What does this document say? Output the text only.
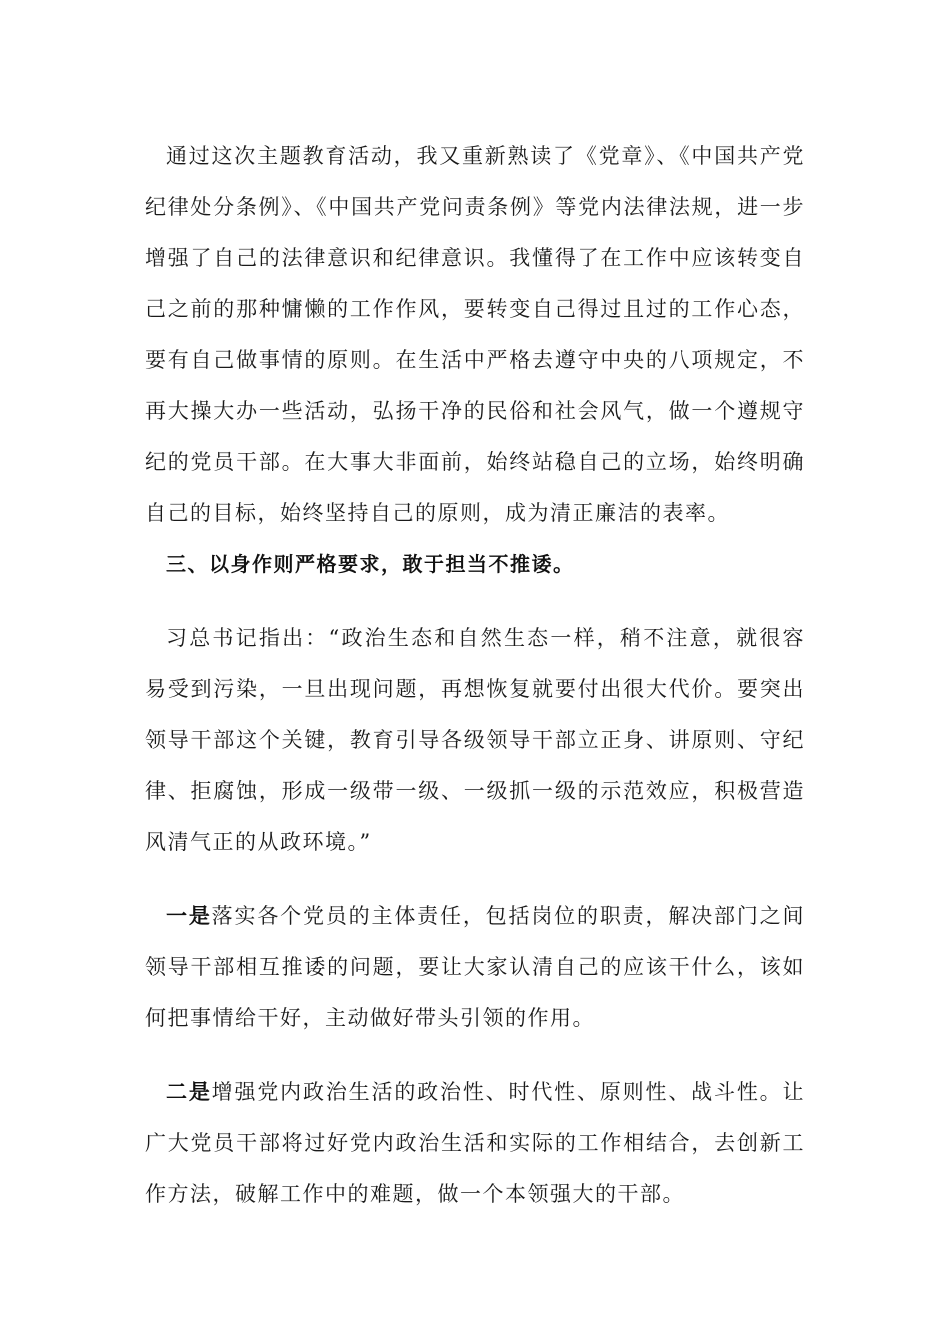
通过这次主题教育活动，我又重新熟读了《党章》、《中国共产党纪律处分条例》、《中国共产党问责条例》等党内法律法规，进一步增强了自己的法律意识和纪律意识。我懂得了在工作中应该转变自己之前的那种慵懒的工作作风，要转变自己得过且过的工作心态，要有自己做事情的原则。在生活中严格去遵守中央的八项规定，不再大操大办一些活动，弘扬干净的民俗和社会风气，做一个遵规守纪的党员干部。在大事大非面前，始终站稳自己的立场，始终明确自己的目标，始终坚持自己的原则，成为清正廉洁的表率。

三、以身作则严格要求，敢于担当不推诿。

习总书记指出：“政治生态和自然生态一样，稍不注意，就很容易受到污染，一旦出现问题，再想恢复就要付出很大代价。要突出领导干部这个关键，教育引导各级领导干部立正身、讲原则、守纪律、拒腐蚀，形成一级带一级、一级抓一级的示范效应，积极营造风清气正的从政环境。”

一是落实各个党员的主体责任，包括岗位的职责，解决部门之间领导干部相互推诿的问题，要让大家认清自己的应该干什么，该如何把事情给干好，主动做好带头引领的作用。

二是增强党内政治生活的政治性、时代性、原则性、战斗性。让广大党员干部将过好党内政治生活和实际的工作相结合，去创新工作方法，破解工作中的难题，做一个本领强大的干部。
